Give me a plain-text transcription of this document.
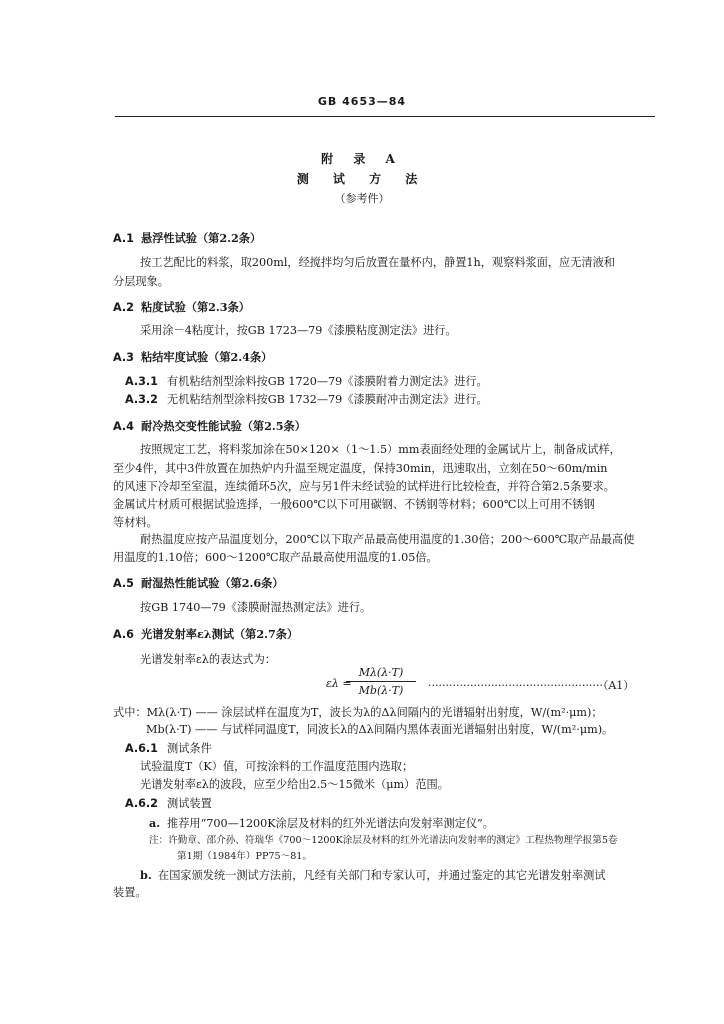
GB 4653—84
附 录 A
测 试 方 法
（参考件）
A.1 悬浮性试验（第2.2条）
按工艺配比的料浆，取200ml，经搅拌均匀后放置在量杯内，静置1h，观察料浆面，应无清液和
分层现象。
A.2 粘度试验（第2.3条）
采用涂－4粘度计，按GB 1723—79《漆膜粘度测定法》进行。
A.3 粘结牢度试验（第2.4条）
A.3.1 有机粘结剂型涂料按GB 1720—79《漆膜附着力测定法》进行。
A.3.2 无机粘结剂型涂料按GB 1732—79《漆膜耐冲击测定法》进行。
A.4 耐冷热交变性能试验（第2.5条）
按照规定工艺，将料浆加涂在50×120×（1～1.5）mm表面经处理的金属试片上，制备成试样，
至少4件，其中3件放置在加热炉内升温至规定温度，保持30min，迅速取出，立刻在50～60m/min
的风速下冷却至室温，连续循环5次，应与另1件未经试验的试样进行比较检查，并符合第2.5条要求。
金属试片材质可根据试验选择，一般600℃以下可用碳钢、不锈钢等材料；600℃以上可用不锈钢
等材料。
耐热温度应按产品温度划分，200℃以下取产品最高使用温度的1.30倍；200～600℃取产品最高使
用温度的1.10倍；600～1200℃取产品最高使用温度的1.05倍。
A.5 耐湿热性能试验（第2.6条）
按GB 1740—79《漆膜耐湿热测定法》进行。
A.6 光谱发射率ελ测试（第2.7条）
光谱发射率ελ的表达式为：
ελ =
$\frac{M\lambda(\lambda\cdot T)}{Mb(\lambda\cdot T)} \cdot\cdot\cdot\cdot\cdot\cdot\cdot\cdot\cdot\cdot\cdot\cdot\cdot\cdot\cdot\cdot\cdot\cdot\cdot\cdot\cdot\cdot\cdot\cdot\cdot\cdot\cdot\cdot\cdot\cdot\cdot\cdot\cdot\cdot\cdot\cdot\cdot\cdot\cdot\cdot\cdot\cdot\cdot\cdot\cdot\cdot\cdot\cdot\cdot\cdot(A1)$
式中：Mλ(λ·T) —— 涂层试样在温度为T，波长为λ的Δλ间隔内的光谱辐射出射度，W/(m²·μm)；
Mb(λ·T) —— 与试样同温度T，同波长λ的Δλ间隔内黑体表面光谱辐射出射度，W/(m²·μm)。
A.6.1 测试条件
试验温度T（K）值，可按涂料的工作温度范围内选取；
光谱发射率ελ的波段，应至少给出2.5～15微米（μm）范围。
A.6.2 测试装置
a. 推荐用“700—1200K涂层及材料的红外光谱法向发射率测定仪”。
注：许勤章、邵介孙、符瑞华《700～1200K涂层及材料的红外光谱法向发射率的测定》工程热物理学报第5卷
第1期（1984年）PP75～81。
b. 在国家颁发统一测试方法前，凡经有关部门和专家认可，并通过鉴定的其它光谱发射率测试
装置。
